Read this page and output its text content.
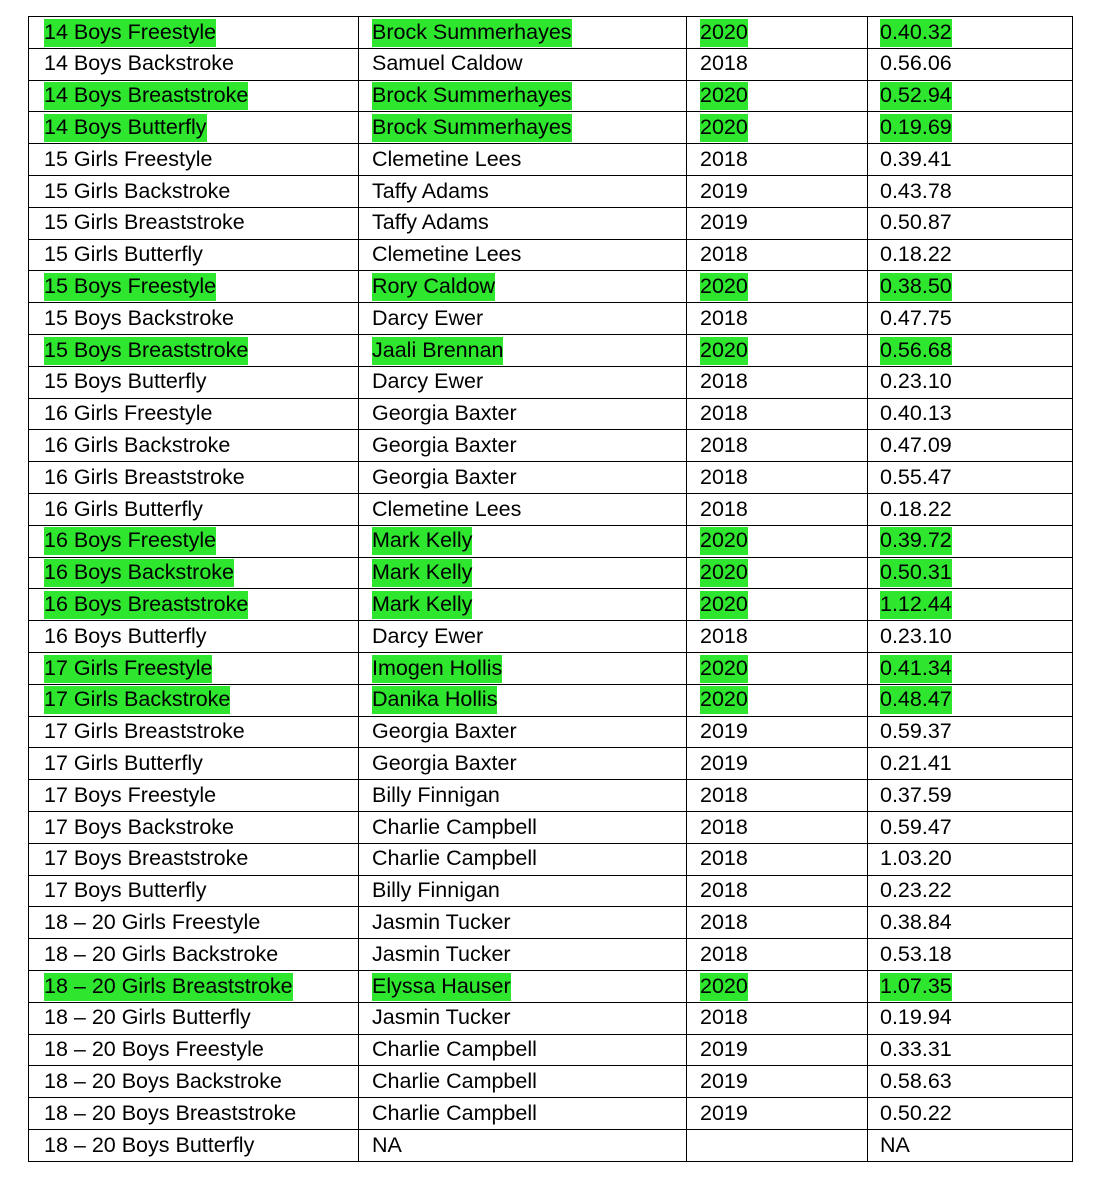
14 Boys Freestyle	Brock Summerhayes	2020	0.40.32
14 Boys Backstroke	Samuel Caldow	2018	0.56.06
14 Boys Breaststroke	Brock Summerhayes	2020	0.52.94
14 Boys Butterfly	Brock Summerhayes	2020	0.19.69
15 Girls Freestyle	Clemetine Lees	2018	0.39.41
15 Girls Backstroke	Taffy Adams	2019	0.43.78
15 Girls Breaststroke	Taffy Adams	2019	0.50.87
15 Girls Butterfly	Clemetine Lees	2018	0.18.22
15 Boys Freestyle	Rory Caldow	2020	0.38.50
15 Boys Backstroke	Darcy Ewer	2018	0.47.75
15 Boys Breaststroke	Jaali Brennan	2020	0.56.68
15 Boys Butterfly	Darcy Ewer	2018	0.23.10
16 Girls Freestyle	Georgia Baxter	2018	0.40.13
16 Girls Backstroke	Georgia Baxter	2018	0.47.09
16 Girls Breaststroke	Georgia Baxter	2018	0.55.47
16 Girls Butterfly	Clemetine Lees	2018	0.18.22
16 Boys Freestyle	Mark Kelly	2020	0.39.72
16 Boys Backstroke	Mark Kelly	2020	0.50.31
16 Boys Breaststroke	Mark Kelly	2020	1.12.44
16 Boys Butterfly	Darcy Ewer	2018	0.23.10
17 Girls Freestyle	Imogen Hollis	2020	0.41.34
17 Girls Backstroke	Danika Hollis	2020	0.48.47
17 Girls Breaststroke	Georgia Baxter	2019	0.59.37
17 Girls Butterfly	Georgia Baxter	2019	0.21.41
17 Boys Freestyle	Billy Finnigan	2018	0.37.59
17 Boys Backstroke	Charlie Campbell	2018	0.59.47
17 Boys Breaststroke	Charlie Campbell	2018	1.03.20
17 Boys Butterfly	Billy Finnigan	2018	0.23.22
18 – 20 Girls Freestyle	Jasmin Tucker	2018	0.38.84
18 – 20 Girls Backstroke	Jasmin Tucker	2018	0.53.18
18 – 20 Girls Breaststroke	Elyssa Hauser	2020	1.07.35
18 – 20 Girls Butterfly	Jasmin Tucker	2018	0.19.94
18 – 20 Boys Freestyle	Charlie Campbell	2019	0.33.31
18 – 20 Boys Backstroke	Charlie Campbell	2019	0.58.63
18 – 20 Boys Breaststroke	Charlie Campbell	2019	0.50.22
18 – 20 Boys Butterfly	NA		NA
